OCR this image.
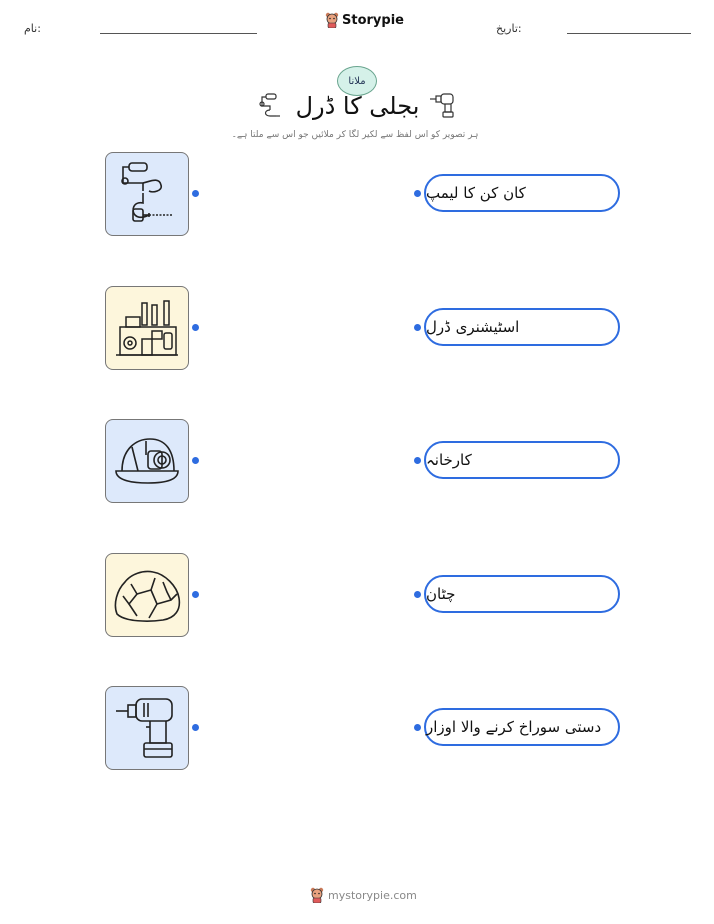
نام:
Storypie
تاریخ:
ملانا
بجلی کا ڈرل
ہر تصویر کو اس لفظ سے لکیر لگا کر ملائیں جو اس سے ملتا ہے۔
کان کن کا لیمپ
اسٹیشنری ڈرل
کارخانہ
چٹان
دستی سوراخ کرنے والا اوزار
mystorypie.com
